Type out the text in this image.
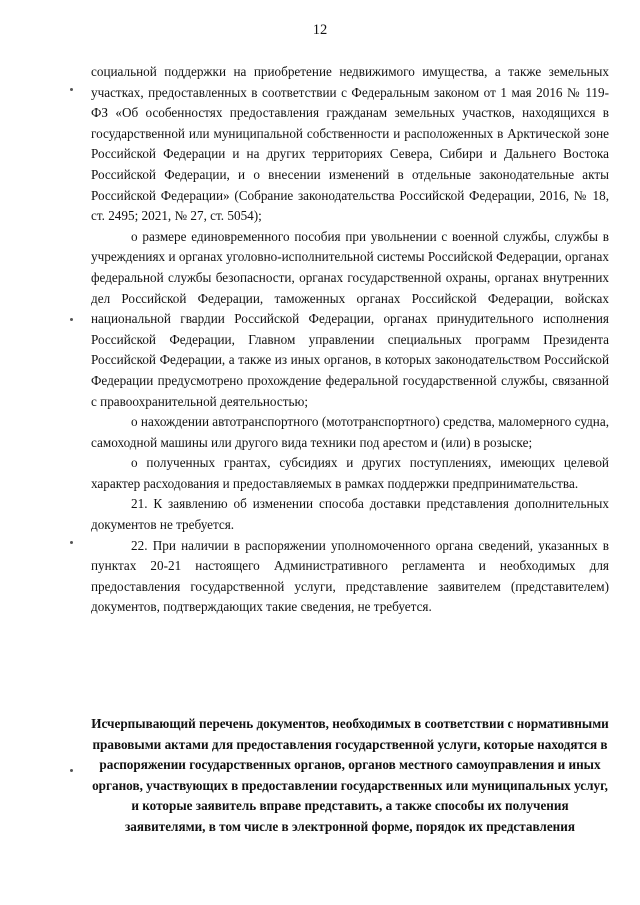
12

социальной поддержки на приобретение недвижимого имущества, а также земельных участках, предоставленных в соответствии с Федеральным законом от 1 мая 2016 № 119-ФЗ «Об особенностях предоставления гражданам земельных участков, находящихся в государственной или муниципальной собственности и расположенных в Арктической зоне Российской Федерации и на других территориях Севера, Сибири и Дальнего Востока Российской Федерации, и о внесении изменений в отдельные законодательные акты Российской Федерации» (Собрание законодательства Российской Федерации, 2016, № 18, ст. 2495; 2021, № 27, ст. 5054);

о размере единовременного пособия при увольнении с военной службы, службы в учреждениях и органах уголовно-исполнительной системы Российской Федерации, органах федеральной службы безопасности, органах государственной охраны, органах внутренних дел Российской Федерации, таможенных органах Российской Федерации, войсках национальной гвардии Российской Федерации, органах принудительного исполнения Российской Федерации, Главном управлении специальных программ Президента Российской Федерации, а также из иных органов, в которых законодательством Российской Федерации предусмотрено прохождение федеральной государственной службы, связанной с правоохранительной деятельностью;

о нахождении автотранспортного (мототранспортного) средства, маломерного судна, самоходной машины или другого вида техники под арестом и (или) в розыске;

о полученных грантах, субсидиях и других поступлениях, имеющих целевой характер расходования и предоставляемых в рамках поддержки предпринимательства.

21. К заявлению об изменении способа доставки представления дополнительных документов не требуется.

22. При наличии в распоряжении уполномоченного органа сведений, указанных в пунктах 20-21 настоящего Административного регламента и необходимых для предоставления государственной услуги, представление заявителем (представителем) документов, подтверждающих такие сведения, не требуется.

Исчерпывающий перечень документов, необходимых в соответствии с нормативными правовыми актами для предоставления государственной услуги, которые находятся в распоряжении государственных органов, органов местного самоуправления и иных органов, участвующих в предоставлении государственных или муниципальных услуг, и которые заявитель вправе представить, а также способы их получения заявителями, в том числе в электронной форме, порядок их представления
